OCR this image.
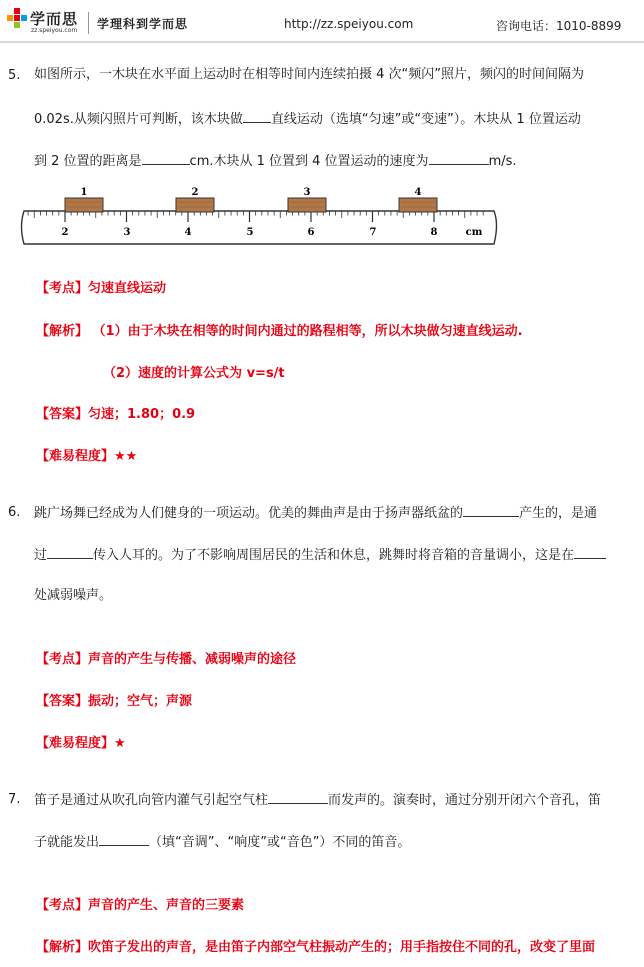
学而思
zz.speiyou.com 学理科到学而思	http://zz.speiyou.com	咨询电话：1010-8899
5. 如图所示，一木块在水平面上运动时在相等时间内连续拍摄 4 次“频闪”照片，频闪的时间间隔为
0.02s.从频闪照片可判断，该木块做 直线运动（选填“匀速”或“变速”）。木块从 1 位置运动
到 2 位置的距离是	cm.木块从 1 位置到 4 位置运动的速度为	m/s.
1	2	3	4
2	3	4	5	6	7	8	cm
【考点】匀速直线运动
【解析】 （1）由于木块在相等的时间内通过的路程相等，所以木块做匀速直线运动.
（2）速度的计算公式为 v=s/t
【答案】匀速；1.80；0.9
【难易程度】★★
6. 跳广场舞已经成为人们健身的一项运动。优美的舞曲声是由于扬声器纸盆的	产生的，是通
过	传入人耳的。为了不影响周围居民的生活和休息，跳舞时将音箱的音量调小，这是在
处减弱噪声。
【考点】声音的产生与传播、减弱噪声的途径
【答案】振动；空气；声源
【难易程度】★
7. 笛子是通过从吹孔向管内灌气引起空气柱	而发声的。演奏时，通过分别开闭六个音孔，笛
子就能发出	（填“音调”、“响度”或“音色”）不同的笛音。
【考点】声音的产生、声音的三要素
【解析】吹笛子发出的声音，是由笛子内部空气柱振动产生的；用手指按住不同的孔，改变了里面
